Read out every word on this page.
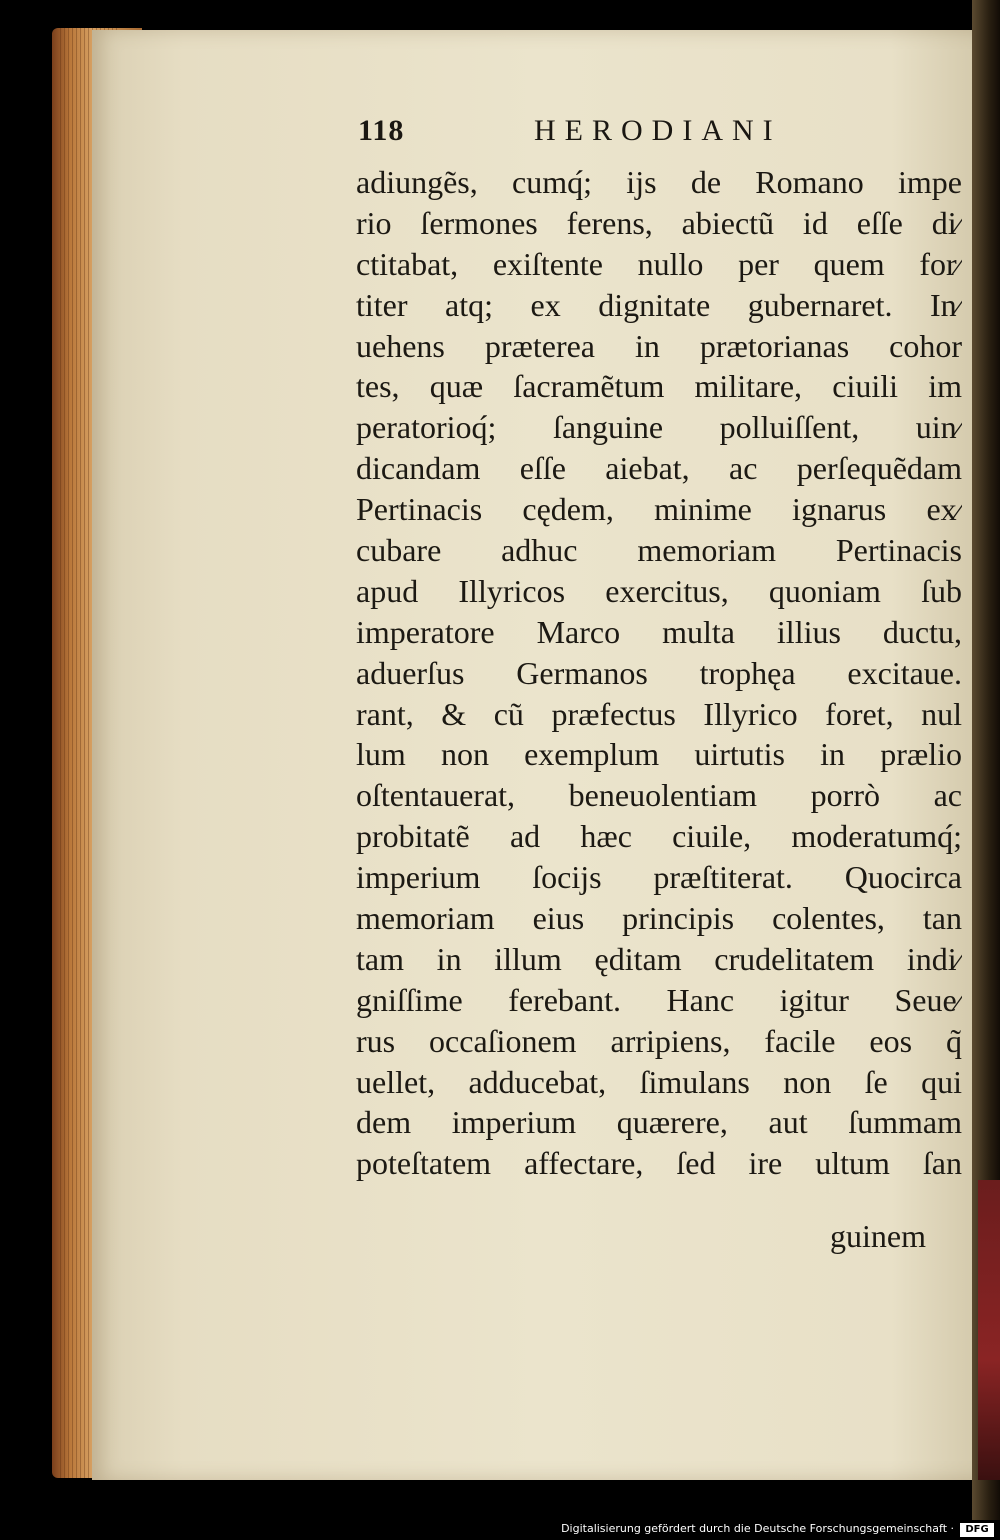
118	HERODIANI
adiungẽs, cumq́; ijs de Romano impe
rio ſermones ferens, abiectũ id eſſe di⁄
ctitabat, exiſtente nullo per quem for⁄
titer atq; ex dignitate gubernaret. In⁄
uehens præterea in prætorianas cohor
tes, quæ ſacramẽtum militare, ciuili im
peratorioq́; ſanguine polluiſſent, uin⁄
dicandam eſſe aiebat, ac perſequẽdam
Pertinacis cędem, minime ignarus ex⁄
cubare adhuc memoriam Pertinacis
apud Illyricos exercitus, quoniam ſub
imperatore Marco multa illius ductu,
aduerſus Germanos trophęa excitaue.
rant, & cũ præfectus Illyrico foret, nul
lum non exemplum uirtutis in prælio
oſtentauerat, beneuolentiam porrò ac
probitatẽ ad hæc ciuile, moderatumq́;
imperium ſocijs præſtiterat. Quocirca
memoriam eius principis colentes, tan
tam in illum ęditam crudelitatem indi⁄
gniſſime ferebant. Hanc igitur Seue⁄
rus occaſionem arripiens, facile eos q̃
uellet, adducebat, ſimulans non ſe qui
dem imperium quærere, aut ſummam
poteſtatem affectare, ſed ire ultum ſan
guinem
Digitalisierung gefördert durch die Deutsche Forschungsgemeinschaft ·	DFG
